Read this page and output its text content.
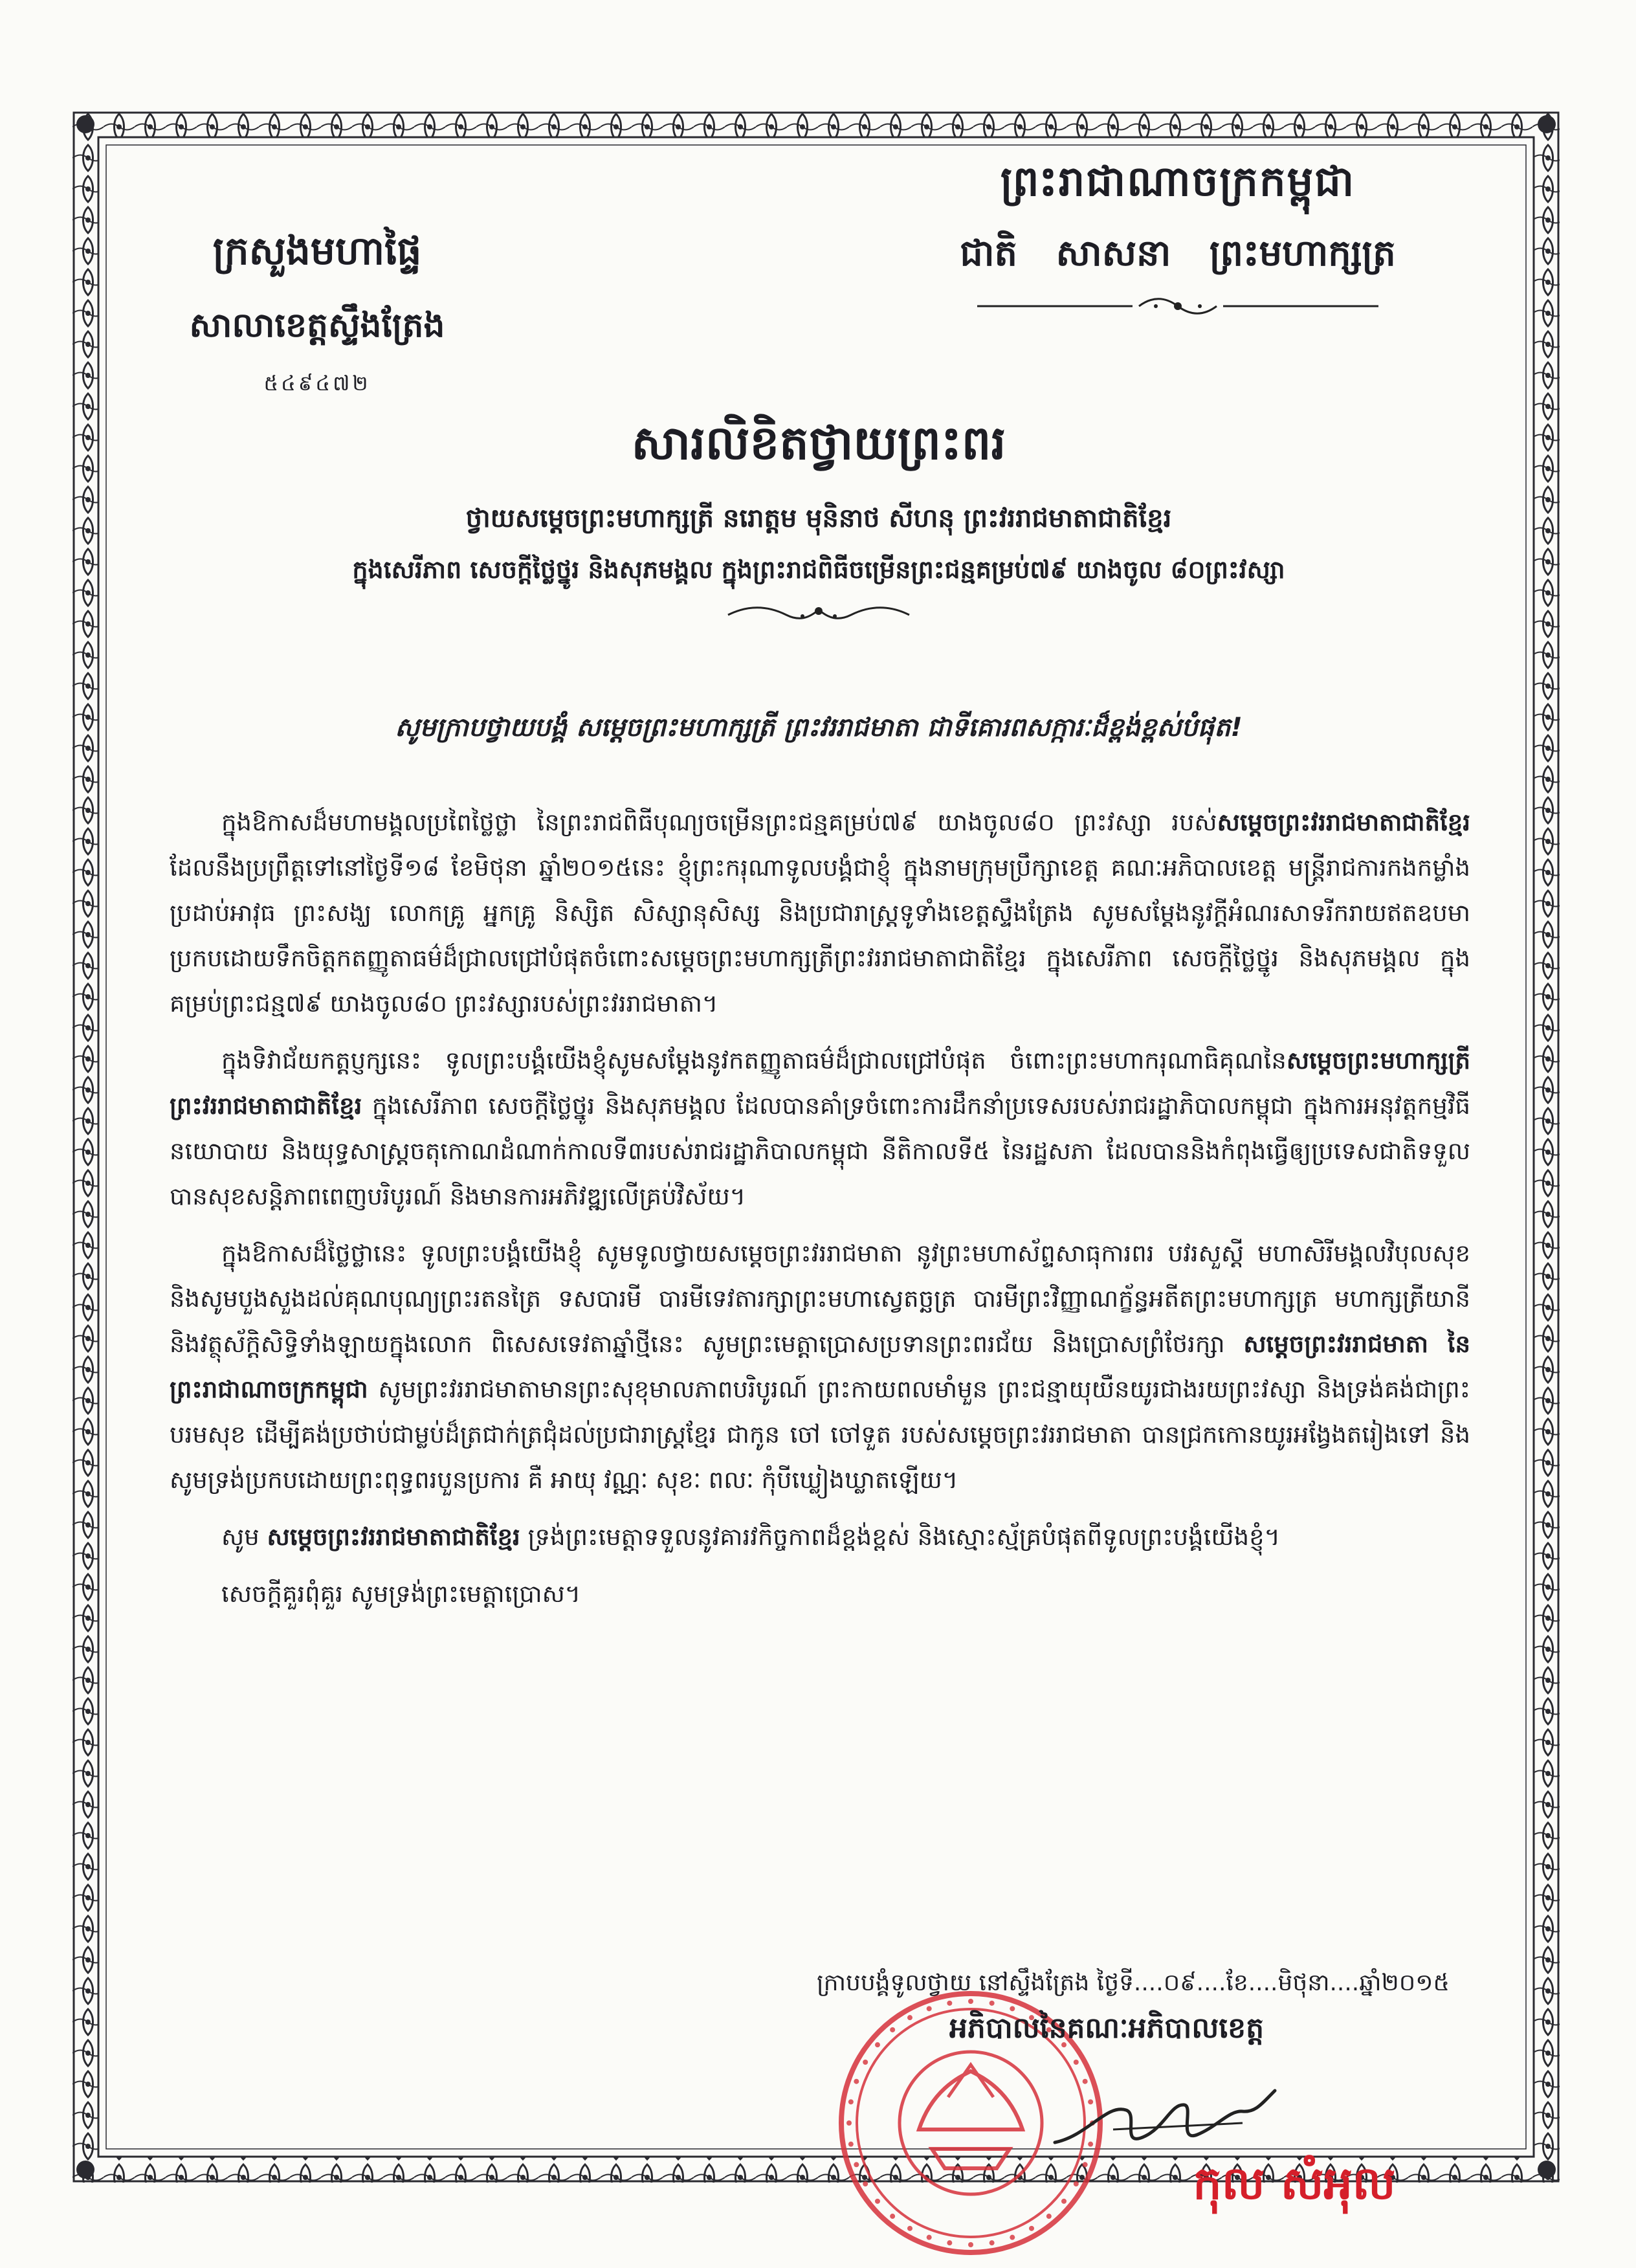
ព្រះរាជាណាចក្រកម្ពុជា
ជាតិ សាសនា ព្រះមហាក្សត្រ
ក្រសួងមហាផ្ទៃ
សាលាខេត្តស្ទឹងត្រែង
៥៤៩៤៧២
សារលិខិតថ្វាយព្រះពរ
ថ្វាយសម្តេចព្រះមហាក្សត្រី នរោត្តម មុនិនាថ សីហនុ ព្រះវររាជមាតាជាតិខ្មែរ
ក្នុងសេរីភាព សេចក្តីថ្លៃថ្នូរ និងសុភមង្គល ក្នុងព្រះរាជពិធីចម្រើនព្រះជន្មគម្រប់៧៩ យាងចូល ៨០ព្រះវស្សា
សូមក្រាបថ្វាយបង្គំ សម្តេចព្រះមហាក្សត្រី ព្រះវររាជមាតា ជាទីគោរពសក្ការៈដ៏ខ្ពង់ខ្ពស់បំផុត!

ក្នុងឱកាសដ៏មហាមង្គលប្រពៃថ្លៃថ្លា នៃព្រះរាជពិធីបុណ្យចម្រើនព្រះជន្មគម្រប់៧៩ យាងចូល៨០ ព្រះវស្សា របស់សម្តេចព្រះវររាជមាតាជាតិខ្មែរ ដែលនឹងប្រព្រឹត្តទៅនៅថ្ងៃទី១៨ ខែមិថុនា ឆ្នាំ២០១៥នេះ ខ្ញុំព្រះករុណាទូលបង្គំជាខ្ញុំ ក្នុងនាមក្រុមប្រឹក្សាខេត្ត គណៈអភិបាលខេត្ត មន្ត្រីរាជការកងកម្លាំងប្រដាប់អាវុធ ព្រះសង្ឃ លោកគ្រូ អ្នកគ្រូ និស្សិត សិស្សានុសិស្ស និងប្រជារាស្ត្រទូទាំងខេត្តស្ទឹងត្រែង សូមសម្តែងនូវក្តីអំណរសាទរីករាយឥតឧបមាប្រកបដោយទឹកចិត្តកតញ្ញូតាធម៌ដ៏ជ្រាលជ្រៅបំផុតចំពោះសម្តេចព្រះមហាក្សត្រីព្រះវររាជមាតាជាតិខ្មែរ ក្នុងសេរីភាព សេចក្តីថ្លៃថ្នូរ និងសុភមង្គល ក្នុងគម្រប់ព្រះជន្ម៧៩ យាងចូល៨០ ព្រះវស្សារបស់ព្រះវររាជមាតា។

ក្នុងទិវាជ័យកត្តប្ញក្សនេះ ទូលព្រះបង្គំយើងខ្ញុំសូមសម្តែងនូវកតញ្ញូតាធម៌ដ៏ជ្រាលជ្រៅបំផុត ចំពោះព្រះមហាករុណាធិគុណនៃសម្តេចព្រះមហាក្សត្រី ព្រះវររាជមាតាជាតិខ្មែរ ក្នុងសេរីភាព សេចក្តីថ្លៃថ្នូរ និងសុភមង្គល ដែលបានគាំទ្រចំពោះការដឹកនាំប្រទេសរបស់រាជរដ្ឋាភិបាលកម្ពុជា ក្នុងការអនុវត្តកម្មវិធីនយោបាយ និងយុទ្ធសាស្ត្រចតុកោណដំណាក់កាលទី៣របស់រាជរដ្ឋាភិបាលកម្ពុជា នីតិកាលទី៥ នៃរដ្ឋសភា ដែលបាននិងកំពុងធ្វើឲ្យប្រទេសជាតិទទួលបានសុខសន្តិភាពពេញបរិបូរណ៍ និងមានការអភិវឌ្ឍលើគ្រប់វិស័យ។

ក្នុងឱកាសដ៏ថ្លៃថ្លានេះ ទូលព្រះបង្គំយើងខ្ញុំ សូមទូលថ្វាយសម្តេចព្រះវររាជមាតា នូវព្រះមហាស័ព្ទសាធុការពរ បវរសួស្តី មហាសិរីមង្គលវិបុលសុខ និងសូមបួងសួងដល់គុណបុណ្យព្រះរតនត្រៃ ទសបារមី បារមីទេវតារក្សាព្រះមហាស្វេតច្ឆត្រ បារមីព្រះវិញ្ញាណក្ខ័ន្ធអតីតព្រះមហាក្សត្រ មហាក្សត្រីយានី និងវត្ថុស័ក្តិសិទ្ធិទាំងឡាយក្នុងលោក ពិសេសទេវតាឆ្នាំថ្មីនេះ សូមព្រះមេត្តាប្រោសប្រទានព្រះពរជ័យ និងប្រោសព្រំថែរក្សា សម្តេចព្រះវររាជមាតា នៃព្រះរាជាណាចក្រកម្ពុជា សូមព្រះវររាជមាតាមានព្រះសុខុមាលភាពបរិបូរណ៍ ព្រះកាយពលមាំមួន ព្រះជន្មាយុយឺនយូរជាងរយព្រះវស្សា និងទ្រង់គង់ជាព្រះបរមសុខ ដើម្បីគង់ប្រថាប់ជាម្លប់ដ៏ត្រជាក់ត្រជុំដល់ប្រជារាស្ត្រខ្មែរ ជាកូន ចៅ ចៅទួត របស់សម្តេចព្រះវររាជមាតា បានជ្រកកោនយូរអង្វែងតរៀងទៅ និងសូមទ្រង់ប្រកបដោយព្រះពុទ្ធពរបួនប្រការ គឺ អាយុ វណ្ណៈ សុខៈ ពលៈ កុំបីឃ្លៀងឃ្លាតឡើយ។

សូម សម្តេចព្រះវររាជមាតាជាតិខ្មែរ ទ្រង់ព្រះមេត្តាទទួលនូវគារវកិច្ចកាពដ៏ខ្ពង់ខ្ពស់ និងស្មោះស្ម័គ្របំផុតពីទូលព្រះបង្គំយើងខ្ញុំ។

សេចក្តីគួរពុំគួរ សូមទ្រង់ព្រះមេត្តាប្រោស។

ក្រាបបង្គំទូលថ្វាយ នៅស្ទឹងត្រែង ថ្ងៃទី....០៩....ខែ....មិថុនា....ឆ្នាំ២០១៥
អភិបាលនៃគណៈអភិបាលខេត្ត
កុល សំអុល
